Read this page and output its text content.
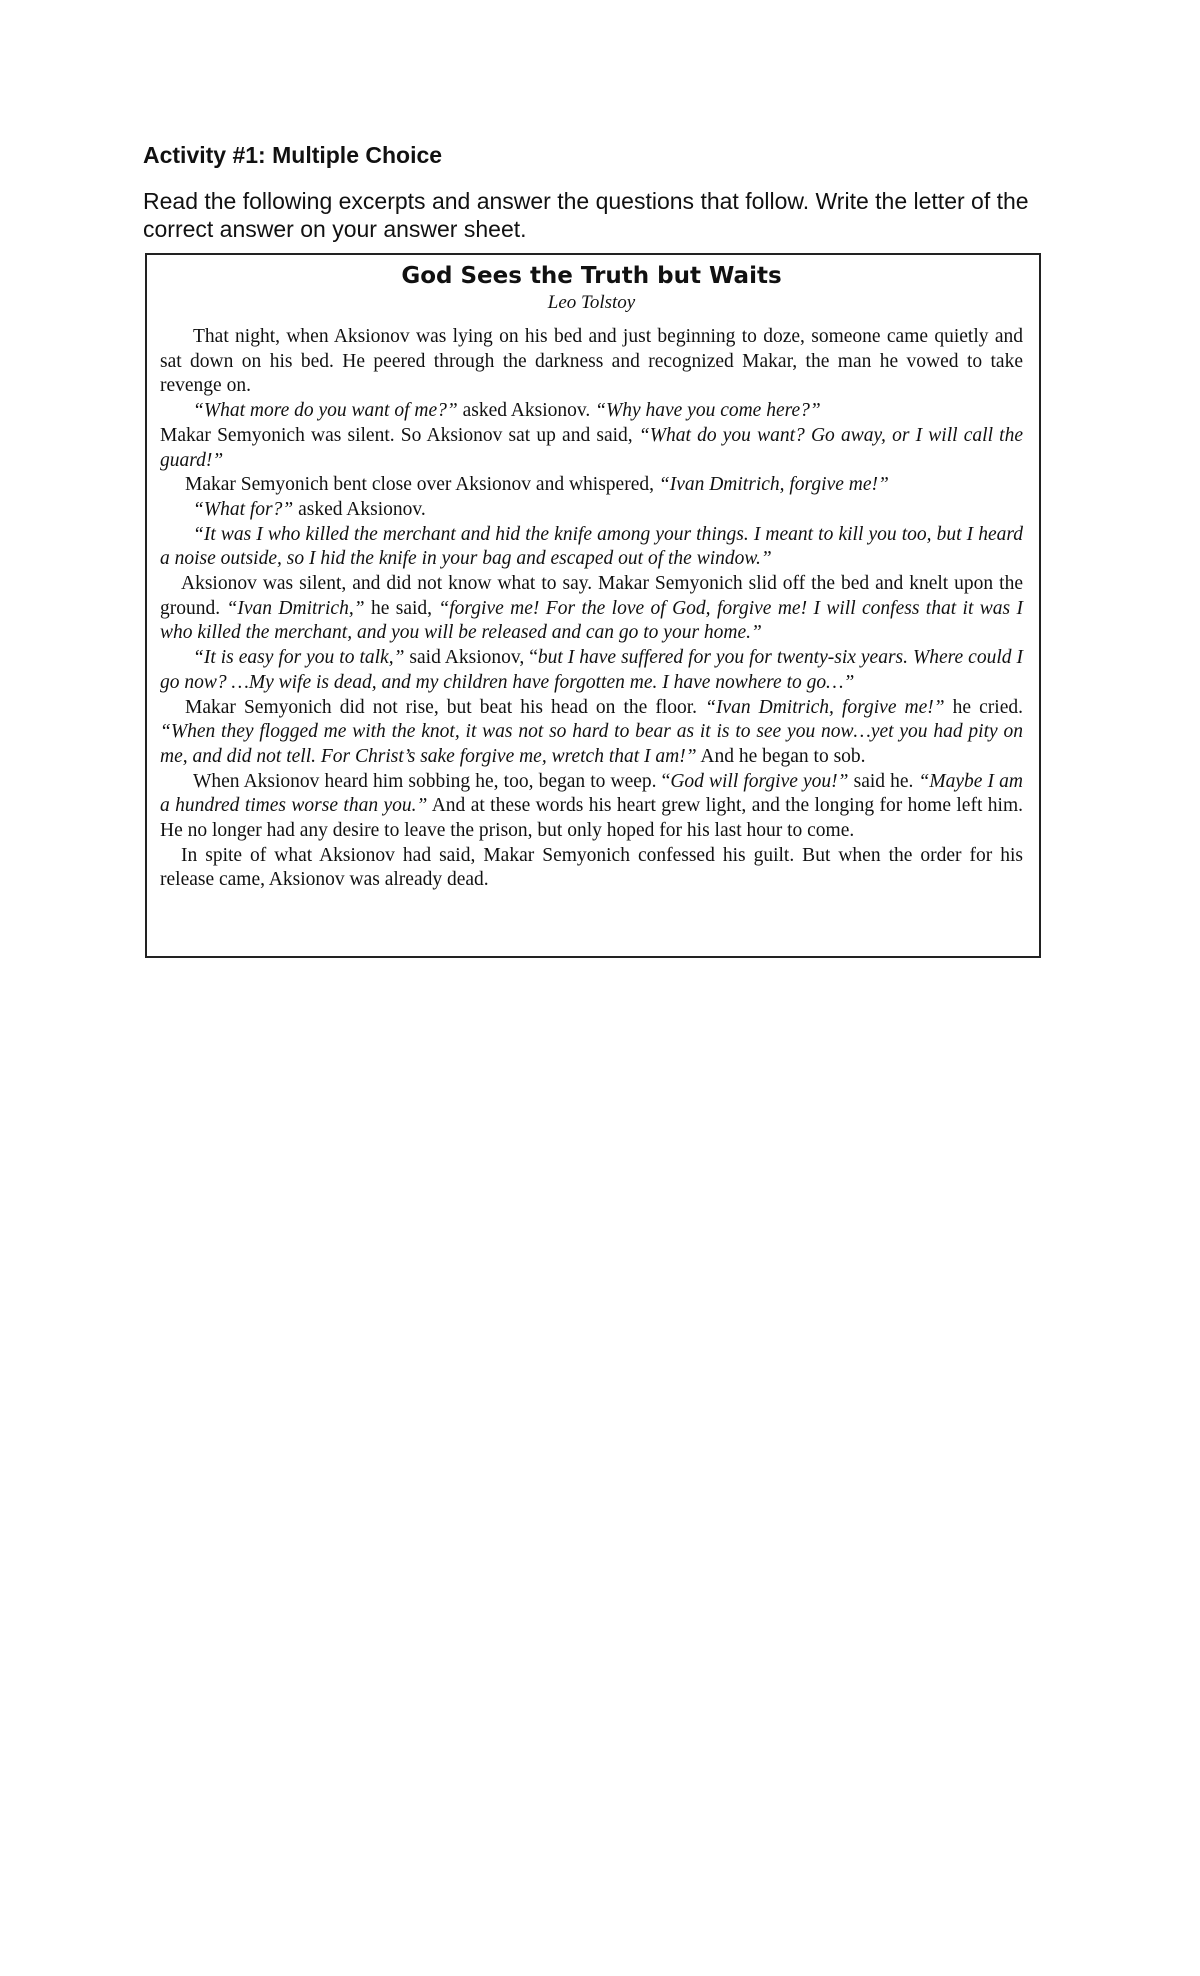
Activity #1: Multiple Choice

Read the following excerpts and answer the questions that follow. Write the letter of the correct answer on your answer sheet.

God Sees the Truth but Waits

Leo Tolstoy

That night, when Aksionov was lying on his bed and just beginning to doze, someone came quietly and sat down on his bed. He peered through the darkness and recognized Makar, the man he vowed to take revenge on.

“What more do you want of me?” asked Aksionov. “Why have you come here?”

Makar Semyonich was silent. So Aksionov sat up and said, “What do you want? Go away, or I will call the guard!”

Makar Semyonich bent close over Aksionov and whispered, “Ivan Dmitrich, forgive me!”

“What for?” asked Aksionov.

“It was I who killed the merchant and hid the knife among your things. I meant to kill you too, but I heard a noise outside, so I hid the knife in your bag and escaped out of the window.”

Aksionov was silent, and did not know what to say. Makar Semyonich slid off the bed and knelt upon the ground. “Ivan Dmitrich,” he said, “forgive me! For the love of God, forgive me! I will confess that it was I who killed the merchant, and you will be released and can go to your home.”

“It is easy for you to talk,” said Aksionov, “but I have suffered for you for twenty-six years. Where could I go now? …My wife is dead, and my children have forgotten me. I have nowhere to go…”

Makar Semyonich did not rise, but beat his head on the floor. “Ivan Dmitrich, forgive me!” he cried. “When they flogged me with the knot, it was not so hard to bear as it is to see you now…yet you had pity on me, and did not tell. For Christ’s sake forgive me, wretch that I am!” And he began to sob.

When Aksionov heard him sobbing he, too, began to weep. “God will forgive you!” said he. “Maybe I am a hundred times worse than you.” And at these words his heart grew light, and the longing for home left him. He no longer had any desire to leave the prison, but only hoped for his last hour to come.

In spite of what Aksionov had said, Makar Semyonich confessed his guilt. But when the order for his release came, Aksionov was already dead.
